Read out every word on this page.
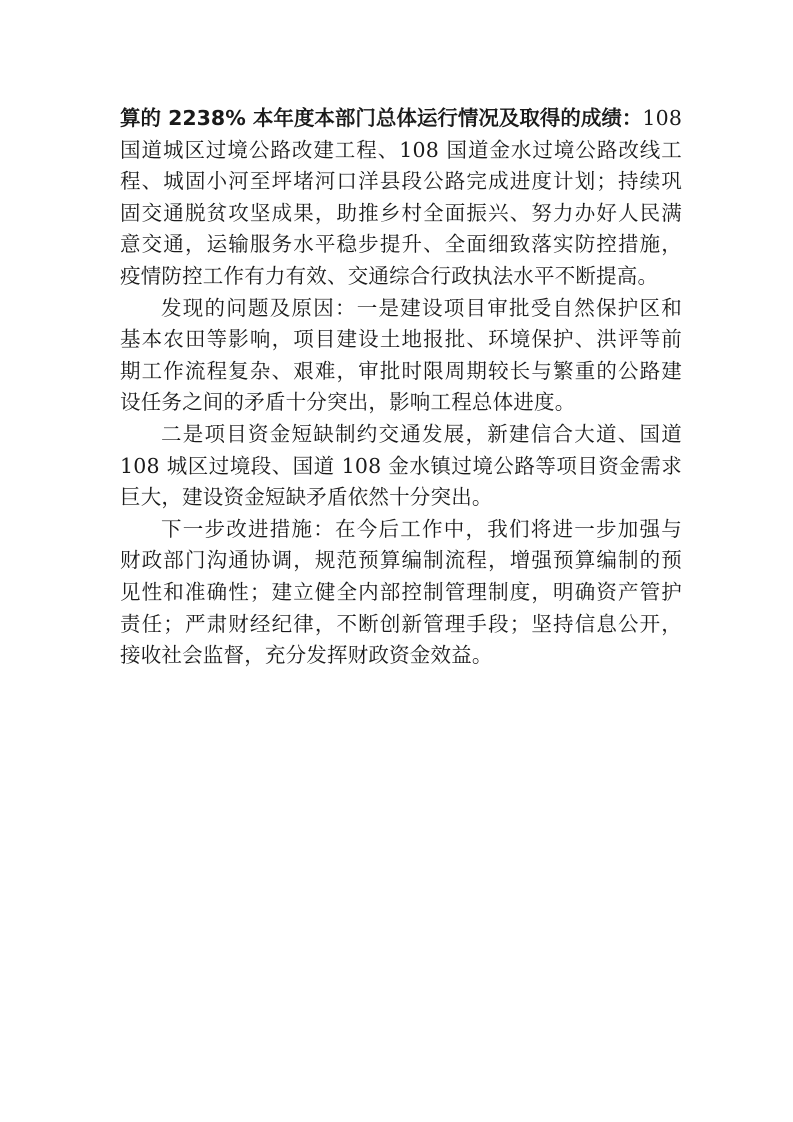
算的 2238% 本年度本部门总体运行情况及取得的成绩：108
国道城区过境公路改建工程、108 国道金水过境公路改线工
程、城固小河至坪堵河口洋县段公路完成进度计划；持续巩
固交通脱贫攻坚成果，助推乡村全面振兴、努力办好人民满
意交通，运输服务水平稳步提升、全面细致落实防控措施，
疫情防控工作有力有效、交通综合行政执法水平不断提高。
发现的问题及原因：一是建设项目审批受自然保护区和
基本农田等影响，项目建设土地报批、环境保护、洪评等前
期工作流程复杂、艰难，审批时限周期较长与繁重的公路建
设任务之间的矛盾十分突出，影响工程总体进度。
二是项目资金短缺制约交通发展，新建信合大道、国道
108 城区过境段、国道 108 金水镇过境公路等项目资金需求
巨大，建设资金短缺矛盾依然十分突出。
下一步改进措施：在今后工作中，我们将进一步加强与
财政部门沟通协调，规范预算编制流程，增强预算编制的预
见性和准确性；建立健全内部控制管理制度，明确资产管护
责任；严肃财经纪律，不断创新管理手段；坚持信息公开，
接收社会监督，充分发挥财政资金效益。
